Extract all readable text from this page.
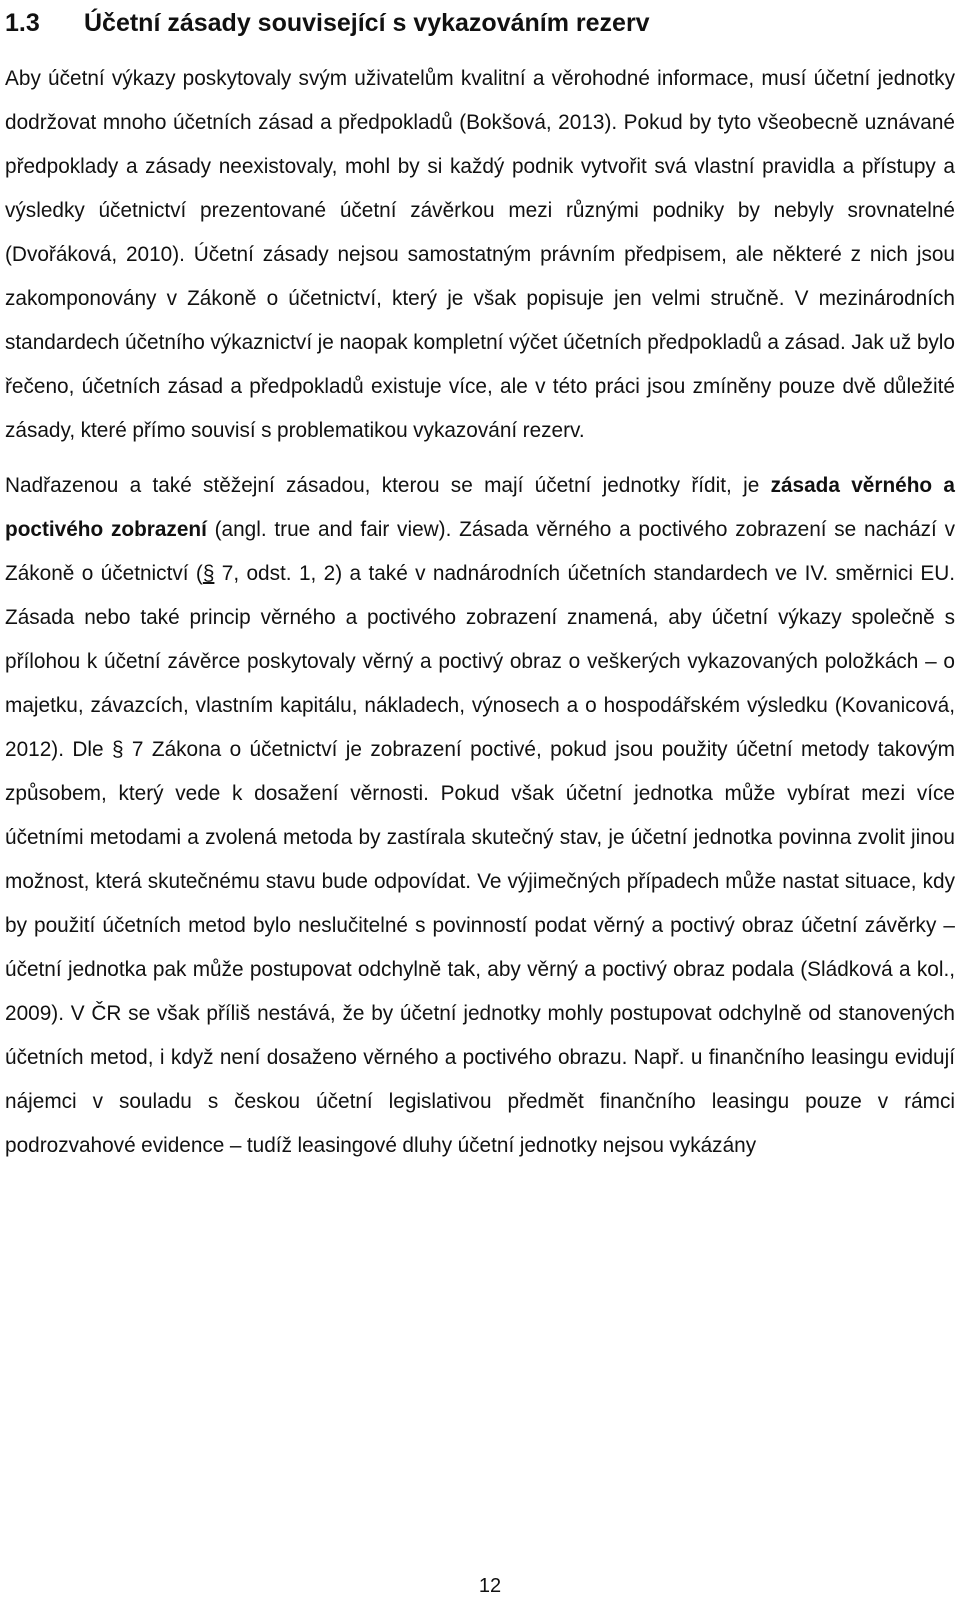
1.3 Účetní zásady související s vykazováním rezerv

Aby účetní výkazy poskytovaly svým uživatelům kvalitní a věrohodné informace, musí účetní jednotky dodržovat mnoho účetních zásad a předpokladů (Bokšová, 2013). Pokud by tyto všeobecně uznávané předpoklady a zásady neexistovaly, mohl by si každý podnik vytvořit svá vlastní pravidla a přístupy a výsledky účetnictví prezentované účetní závěrkou mezi různými podniky by nebyly srovnatelné (Dvořáková, 2010). Účetní zásady nejsou samostatným právním předpisem, ale některé z nich jsou zakomponovány v Zákoně o účetnictví, který je však popisuje jen velmi stručně. V mezinárodních standardech účetního výkaznictví je naopak kompletní výčet účetních předpokladů a zásad. Jak už bylo řečeno, účetních zásad a předpokladů existuje více, ale v této práci jsou zmíněny pouze dvě důležité zásady, které přímo souvisí s problematikou vykazování rezerv.

Nadřazenou a také stěžejní zásadou, kterou se mají účetní jednotky řídit, je zásada věrného a poctivého zobrazení (angl. true and fair view). Zásada věrného a poctivého zobrazení se nachází v Zákoně o účetnictví (§ 7, odst. 1, 2) a také v nadnárodních účetních standardech ve IV. směrnici EU. Zásada nebo také princip věrného a poctivého zobrazení znamená, aby účetní výkazy společně s přílohou k účetní závěrce poskytovaly věrný a poctivý obraz o veškerých vykazovaných položkách – o majetku, závazcích, vlastním kapitálu, nákladech, výnosech a o hospodářském výsledku (Kovanicová, 2012). Dle § 7 Zákona o účetnictví je zobrazení poctivé, pokud jsou použity účetní metody takovým způsobem, který vede k dosažení věrnosti. Pokud však účetní jednotka může vybírat mezi více účetními metodami a zvolená metoda by zastírala skutečný stav, je účetní jednotka povinna zvolit jinou možnost, která skutečnému stavu bude odpovídat. Ve výjimečných případech může nastat situace, kdy by použití účetních metod bylo neslučitelné s povinností podat věrný a poctivý obraz účetní závěrky – účetní jednotka pak může postupovat odchylně tak, aby věrný a poctivý obraz podala (Sládková a kol., 2009). V ČR se však příliš nestává, že by účetní jednotky mohly postupovat odchylně od stanovených účetních metod, i když není dosaženo věrného a poctivého obrazu. Např. u finančního leasingu evidují nájemci v souladu s českou účetní legislativou předmět finančního leasingu pouze v rámci podrozvahové evidence – tudíž leasingové dluhy účetní jednotky nejsou vykázány

12
